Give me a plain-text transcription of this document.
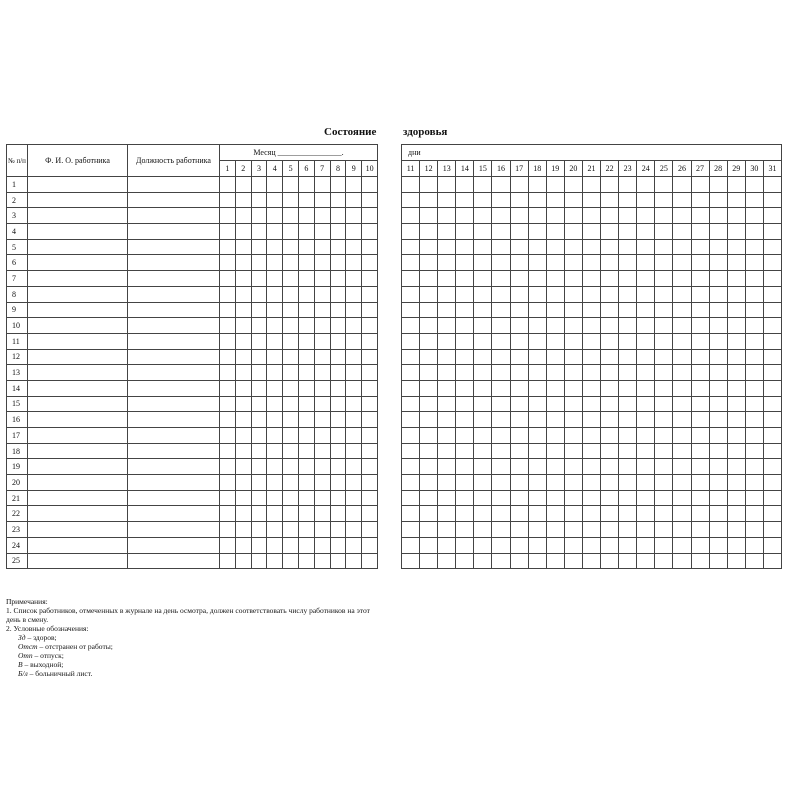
Состояние здоровья
№ п/п	Ф. И. О. работника	Должность работника	Месяц ________________.									
			1	2	3	4	5	6	7	8	9	10
1												
2												
3												
4												
5												
6												
7												
8												
9												
10												
11												
12												
13												
14												
15												
16												
17												
18												
19												
20												
21												
22												
23												
24												
25												
дни																				
11	12	13	14	15	16	17	18	19	20	21	22	23	24	25	26	27	28	29	30	31

Примечания:
1. Список работников, отмеченных в журнале на день осмотра, должен соответствовать числу работников на этот день в смену.
2. Условные обозначения:
Зд – здоров;
Отст – отстранен от работы;
Отп – отпуск;
В – выходной;
Б/л – больничный лист.
